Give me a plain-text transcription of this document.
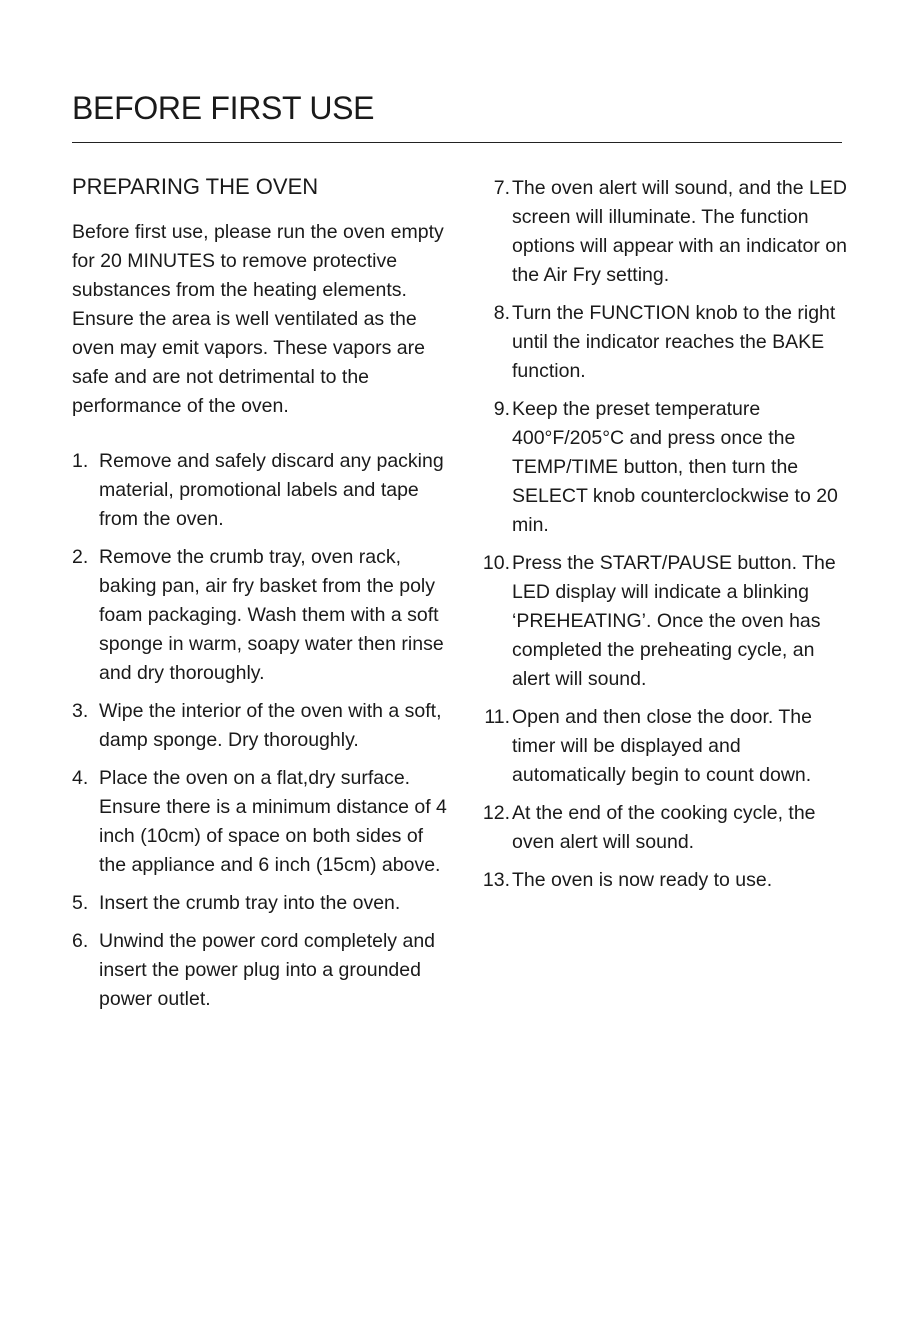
BEFORE FIRST USE
PREPARING THE OVEN

Before first use, please run the oven empty for 20 MINUTES to remove protective substances from the heating elements. Ensure the area is well ventilated as the oven may emit vapors. These vapors are safe and are not detrimental to the performance of the oven.

1. Remove and safely discard any packing material, promotional labels and tape from the oven.
2. Remove the crumb tray, oven rack, baking pan, air fry basket from the poly foam packaging. Wash them with a soft sponge in warm, soapy water then rinse and dry thoroughly.
3. Wipe the interior of the oven with a soft, damp sponge. Dry thoroughly.
4. Place the oven on a flat,dry surface. Ensure there is a minimum distance of 4 inch (10cm) of space on both sides of the appliance and 6 inch (15cm) above.
5. Insert the crumb tray into the oven.
6. Unwind the power cord completely and insert the power plug into a grounded power outlet.
7. The oven alert will sound, and the LED screen will illuminate. The function options will appear with an indicator on the Air Fry setting.
8. Turn the FUNCTION knob to the right until the indicator reaches the BAKE function.
9. Keep the preset temperature 400°F/205°C and press once the TEMP/TIME button, then turn the SELECT knob counterclockwise to 20 min.
10. Press the START/PAUSE button. The LED display will indicate a blinking ‘PREHEATING’. Once the oven has completed the preheating cycle, an alert will sound.
11. Open and then close the door. The timer will be displayed and automatically begin to count down.
12. At the end of the cooking cycle, the oven alert will sound.
13. The oven is now ready to use.
